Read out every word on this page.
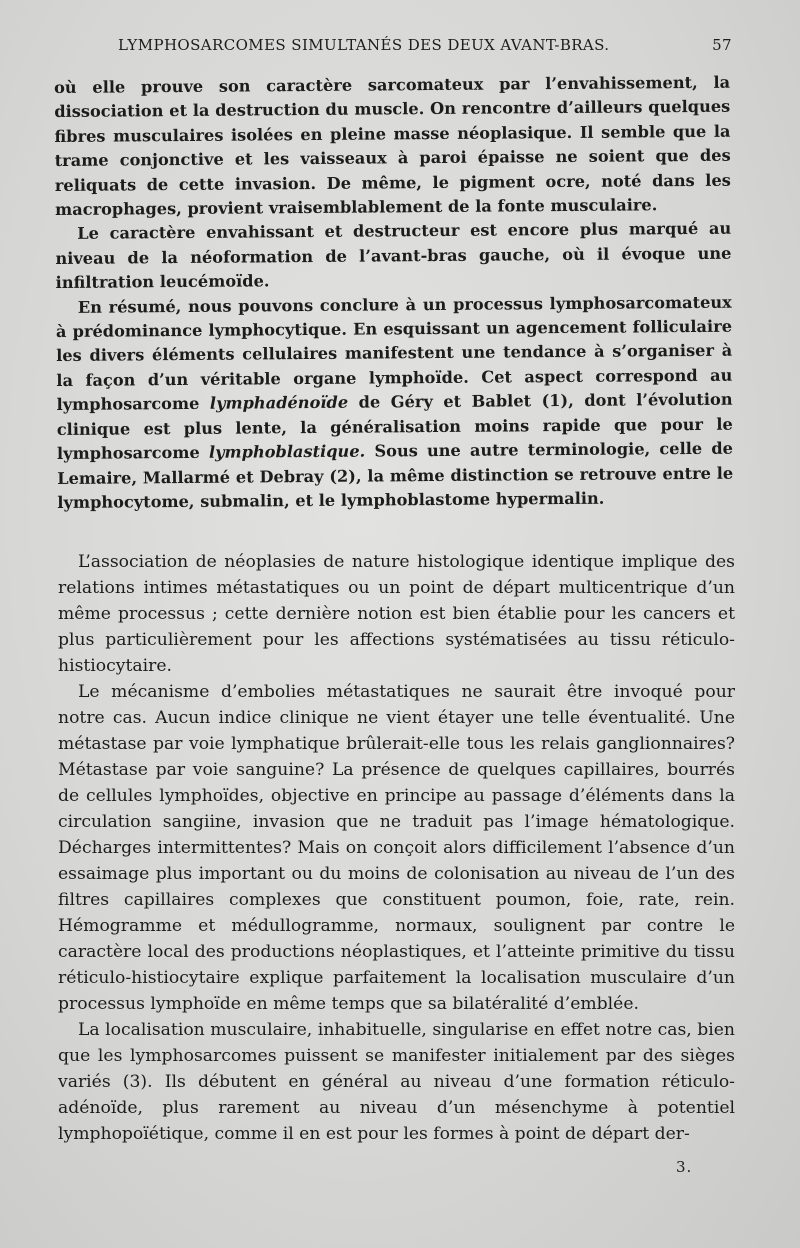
LYMPHOSARCOMES SIMULTANÉS DES DEUX AVANT-BRAS.	57

où elle prouve son caractère sarcomateux par l’envahissement, la dissociation et la destruction du muscle. On rencontre d’ailleurs quelques fibres musculaires isolées en pleine masse néoplasique. Il semble que la trame conjonctive et les vaisseaux à paroi épaisse ne soient que des reliquats de cette invasion. De même, le pigment ocre, noté dans les macrophages, provient vraisemblablement de la fonte musculaire.

Le caractère envahissant et destructeur est encore plus marqué au niveau de la néoformation de l’avant-bras gauche, où il évoque une infiltration leucémoïde.

En résumé, nous pouvons conclure à un processus lymphosarcomateux à prédominance lymphocytique. En esquissant un agencement folliculaire les divers éléments cellulaires manifestent une tendance à s’organiser à la façon d’un véritable organe lymphoïde. Cet aspect correspond au lymphosarcome lymphadénoïde de Géry et Bablet (1), dont l’évolution clinique est plus lente, la généralisation moins rapide que pour le lymphosarcome lymphoblastique. Sous une autre terminologie, celle de Lemaire, Mallarmé et Debray (2), la même distinction se retrouve entre le lymphocytome, submalin, et le lymphoblastome hypermalin.

L’association de néoplasies de nature histologique identique implique des relations intimes métastatiques ou un point de départ multicentrique d’un même processus ; cette dernière notion est bien établie pour les cancers et plus particulièrement pour les affections systématisées au tissu réticulo-histiocytaire.

Le mécanisme d’embolies métastatiques ne saurait être invoqué pour notre cas. Aucun indice clinique ne vient étayer une telle éventualité. Une métastase par voie lymphatique brûlerait-elle tous les relais ganglionnaires? Métastase par voie sanguine? La présence de quelques capillaires, bourrés de cellules lymphoïdes, objective en principe au passage d’éléments dans la circulation sangiine, invasion que ne traduit pas l’image hématologique. Décharges intermittentes? Mais on conçoit alors difficilement l’absence d’un essaimage plus important ou du moins de colonisation au niveau de l’un des filtres capillaires complexes que constituent poumon, foie, rate, rein. Hémogramme et médullogramme, normaux, soulignent par contre le caractère local des productions néoplastiques, et l’atteinte primitive du tissu réticulo-histiocytaire explique parfaitement la localisation musculaire d’un processus lymphoïde en même temps que sa bilatéralité d’emblée.

La localisation musculaire, inhabituelle, singularise en effet notre cas, bien que les lymphosarcomes puissent se manifester initialement par des sièges variés (3). Ils débutent en général au niveau d’une formation réticulo-adénoïde, plus rarement au niveau d’un mésenchyme à potentiel lymphopoïétique, comme il en est pour les formes à point de départ der-

3.
